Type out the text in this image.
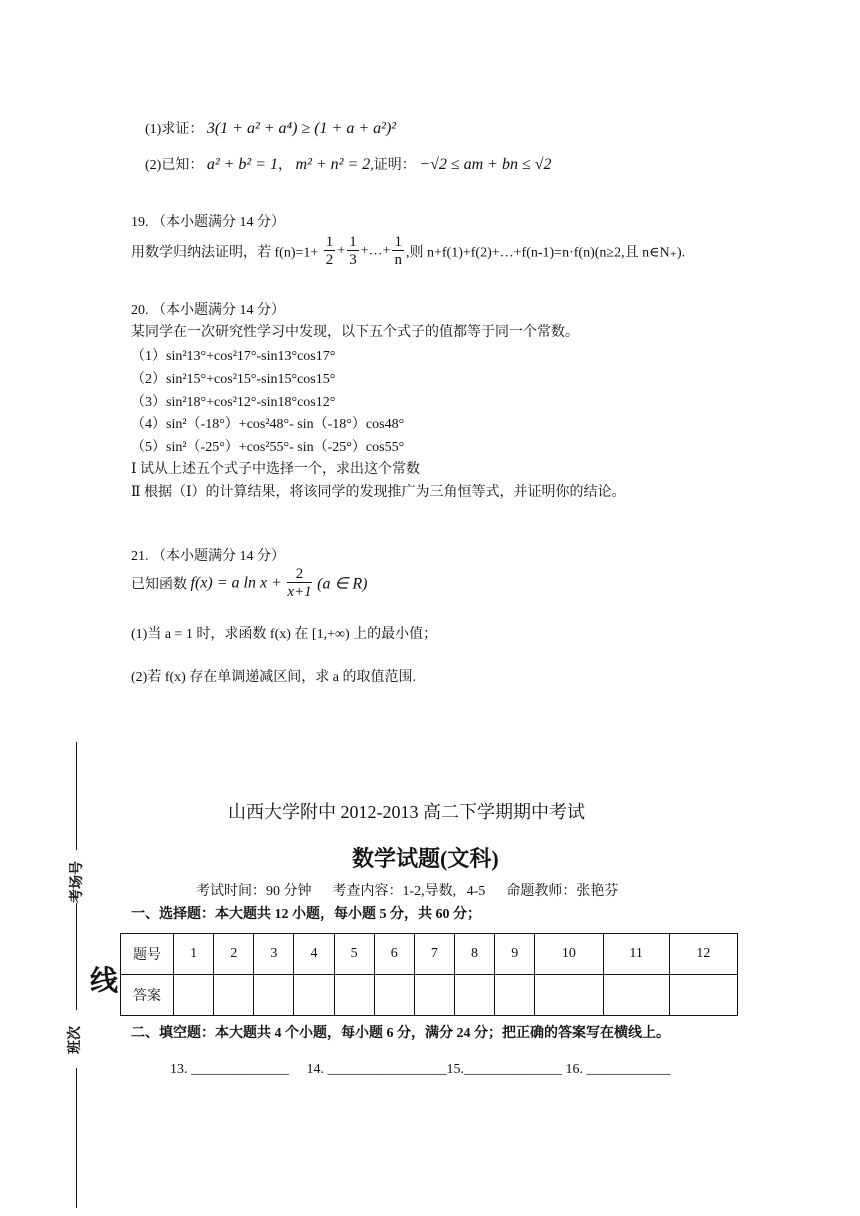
(1)求证： 3(1 + a² + a⁴) ≥ (1 + a + a²)²
(2)已知： a² + b² = 1， m² + n² = 2,证明： −√2 ≤ am + bn ≤ √2
19. （本小题满分 14 分）
用数学归纳法证明，若 $f(n)=1+ \frac{1}{2} + \frac{1}{3}$ +…+ $\frac{1}{n}$ ,则 n+f(1)+f(2)+…+f(n-1)=n·f(n)(n≥2,且 n∈N₊).
20. （本小题满分 14 分）
某同学在一次研究性学习中发现，以下五个式子的值都等于同一个常数。
（1）sin²13°+cos²17°-sin13°cos17°
（2）sin²15°+cos²15°-sin15°cos15°
（3）sin²18°+cos²12°-sin18°cos12°
（4）sin²（-18°）+cos²48°- sin（-18°）cos48°
（5）sin²（-25°）+cos²55°- sin（-25°）cos55°
Ⅰ 试从上述五个式子中选择一个，求出这个常数
Ⅱ 根据（Ⅰ）的计算结果，将该同学的发现推广为三角恒等式，并证明你的结论。
21. （本小题满分 14 分）
已知函数 f(x) = a $\ln x + \frac{2}{x+1} (a$ ∈ R)
(1)当 a = 1 时，求函数 f(x) 在 [1,+∞) 上的最小值；
(2)若 f(x) 存在单调递减区间，求 a 的取值范围.
考场号
线
班次
山西大学附中 2012-2013 高二下学期期中考试
数学试题(文科)
考试时间：90 分钟      考查内容：1-2,导数,   4-5      命题教师：张艳芬
一、选择题：本大题共 12 小题，每小题 5 分，共 60 分；
题号	1	2	3	4	5	6	7	8	9	10	11	12
答案												
二、填空题：本大题共 4 个小题，每小题 6 分，满分 24 分；把正确的答案写在横线上。
13. ______________     14. _________________15.______________ 16. ____________
